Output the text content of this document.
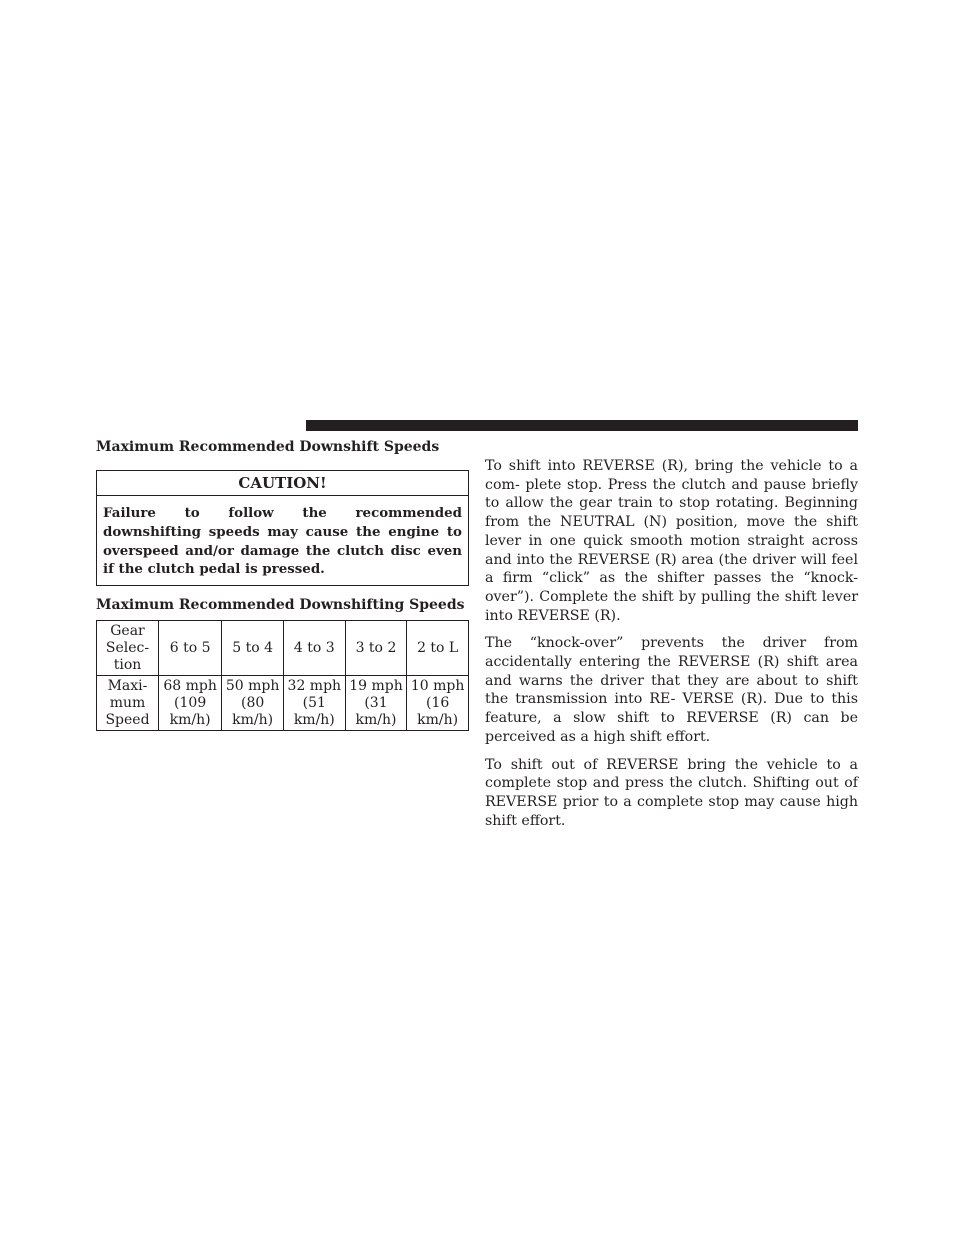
Maximum Recommended Downshift Speeds
CAUTION!

Failure to follow the recommended downshifting speeds may cause the engine to overspeed and/or damage the clutch disc even if the clutch pedal is pressed.

Maximum Recommended Downshifting Speeds
Gear Selec- tion	6 to 5	5 to 4	4 to 3	3 to 2	2 to L
Maxi- mum Speed	68 mph (109 km/h)	50 mph (80 km/h)	32 mph (51 km/h)	19 mph (31 km/h)	10 mph (16 km/h)

To shift into REVERSE (R), bring the vehicle to a com- plete stop. Press the clutch and pause briefly to allow the gear train to stop rotating. Beginning from the NEUTRAL (N) position, move the shift lever in one quick smooth motion straight across and into the REVERSE (R) area (the driver will feel a firm “click” as the shifter passes the “knock-over”). Complete the shift by pulling the shift lever into REVERSE (R).

The “knock-over” prevents the driver from accidentally entering the REVERSE (R) shift area and warns the driver that they are about to shift the transmission into RE- VERSE (R). Due to this feature, a slow shift to REVERSE (R) can be perceived as a high shift effort.

To shift out of REVERSE bring the vehicle to a complete stop and press the clutch. Shifting out of REVERSE prior to a complete stop may cause high shift effort.
